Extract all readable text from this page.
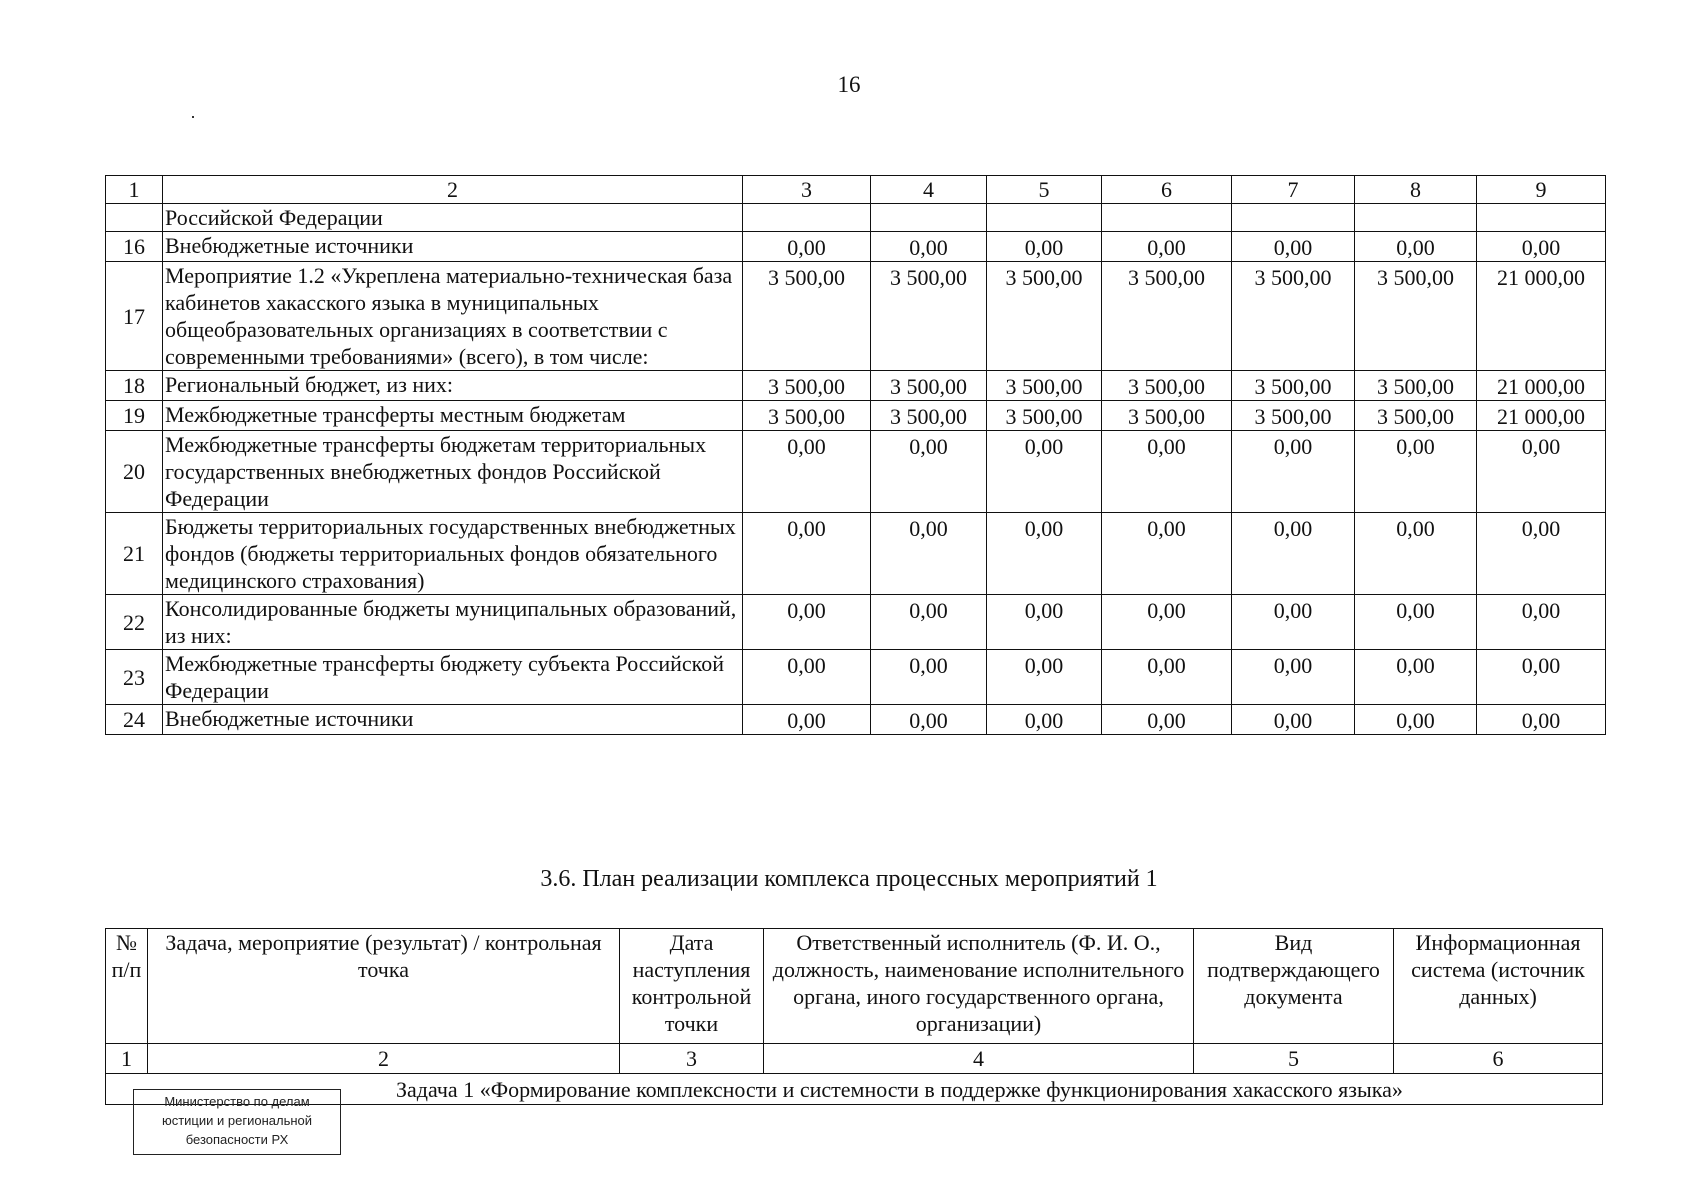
16
1	2	3	4	5	6	7	8	9
	Российской Федерации							
16	Внебюджетные источники	0,00	0,00	0,00	0,00	0,00	0,00	0,00
17	Мероприятие 1.2 «Укреплена материально-техническая база кабинетов хакасского языка в муниципальных общеобразовательных организациях в соответствии с современными требованиями» (всего), в том числе:	3 500,00	3 500,00	3 500,00	3 500,00	3 500,00	3 500,00	21 000,00
18	Региональный бюджет, из них:	3 500,00	3 500,00	3 500,00	3 500,00	3 500,00	3 500,00	21 000,00
19	Межбюджетные трансферты местным бюджетам	3 500,00	3 500,00	3 500,00	3 500,00	3 500,00	3 500,00	21 000,00
20	Межбюджетные трансферты бюджетам территориальных государственных внебюджетных фондов Российской Федерации	0,00	0,00	0,00	0,00	0,00	0,00	0,00
21	Бюджеты территориальных государственных внебюджетных фондов (бюджеты территориальных фондов обязательного медицинского страхования)	0,00	0,00	0,00	0,00	0,00	0,00	0,00
22	Консолидированные бюджеты муниципальных образований, из них:	0,00	0,00	0,00	0,00	0,00	0,00	0,00
23	Межбюджетные трансферты бюджету субъекта Российской Федерации	0,00	0,00	0,00	0,00	0,00	0,00	0,00
24	Внебюджетные источники	0,00	0,00	0,00	0,00	0,00	0,00	0,00
3.6. План реализации комплекса процессных мероприятий 1
№ п/п	Задача, мероприятие (результат) / контрольная точка	Дата наступления контрольной точки	Ответственный исполнитель (Ф. И. О., должность, наименование исполнительного органа, иного государственного органа, организации)	Вид подтверждающего документа	Информационная система (источник данных)
1	2	3	4	5	6
Задача 1 «Формирование комплексности и системности в поддержке функционирования хакасского языка»					
Министерство по делам
юстиции и региональной
безопасности РХ
